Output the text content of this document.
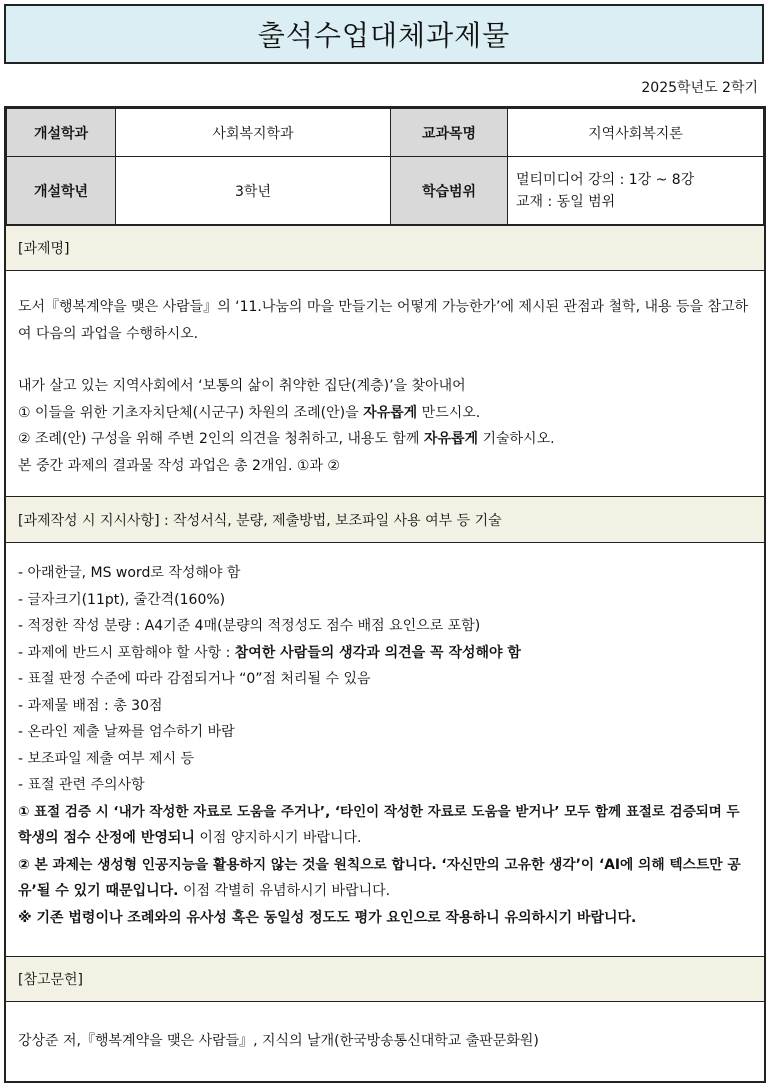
출석수업대체과제물
2025학년도 2학기
개설학과	사회복지학과	교과목명	지역사회복지론
개설학년	3학년	학습범위	멀티미디어 강의 : 1강 ~ 8강
교재 : 동일 범위
[과제명]
도서『행복계약을 맺은 사람들』의 ‘11.나눔의 마을 만들기는 어떻게 가능한가’에 제시된 관점과 철학, 내용 등을 참고하여 다음의 과업을 수행하시오.
내가 살고 있는 지역사회에서 ‘보통의 삶이 취약한 집단(계층)’을 찾아내어
① 이들을 위한 기초자치단체(시군구) 차원의 조례(안)을 자유롭게 만드시오.
② 조례(안) 구성을 위해 주변 2인의 의견을 청취하고, 내용도 함께 자유롭게 기술하시오.
본 중간 과제의 결과물 작성 과업은 총 2개임. ①과 ②
[과제작성 시 지시사항] : 작성서식, 분량, 제출방법, 보조파일 사용 여부 등 기술
- 아래한글, MS word로 작성해야 함
- 글자크기(11pt), 줄간격(160%)
- 적정한 작성 분량 : A4기준 4매(분량의 적정성도 점수 배점 요인으로 포함)
- 과제에 반드시 포함해야 할 사항 : 참여한 사람들의 생각과 의견을 꼭 작성해야 함
- 표절 판정 수준에 따라 감점되거나 “0”점 처리될 수 있음
- 과제물 배점 : 총 30점
- 온라인 제출 날짜를 엄수하기 바람
- 보조파일 제출 여부 제시 등
- 표절 관련 주의사항
① 표절 검증 시 ‘내가 작성한 자료로 도움을 주거나’, ‘타인이 작성한 자료로 도움을 받거나’ 모두 함께 표절로 검증되며 두
학생의 점수 산정에 반영되니 이점 양지하시기 바랍니다.
② 본 과제는 생성형 인공지능을 활용하지 않는 것을 원칙으로 합니다. ‘자신만의 고유한 생각’이 ‘AI에 의해 텍스트만 공
유’될 수 있기 때문입니다. 이점 각별히 유념하시기 바랍니다.
※ 기존 법령이나 조례와의 유사성 혹은 동일성 정도도 평가 요인으로 작용하니 유의하시기 바랍니다.
[참고문헌]
강상준 저,『행복계약을 맺은 사람들』, 지식의 날개(한국방송통신대학교 출판문화원)
